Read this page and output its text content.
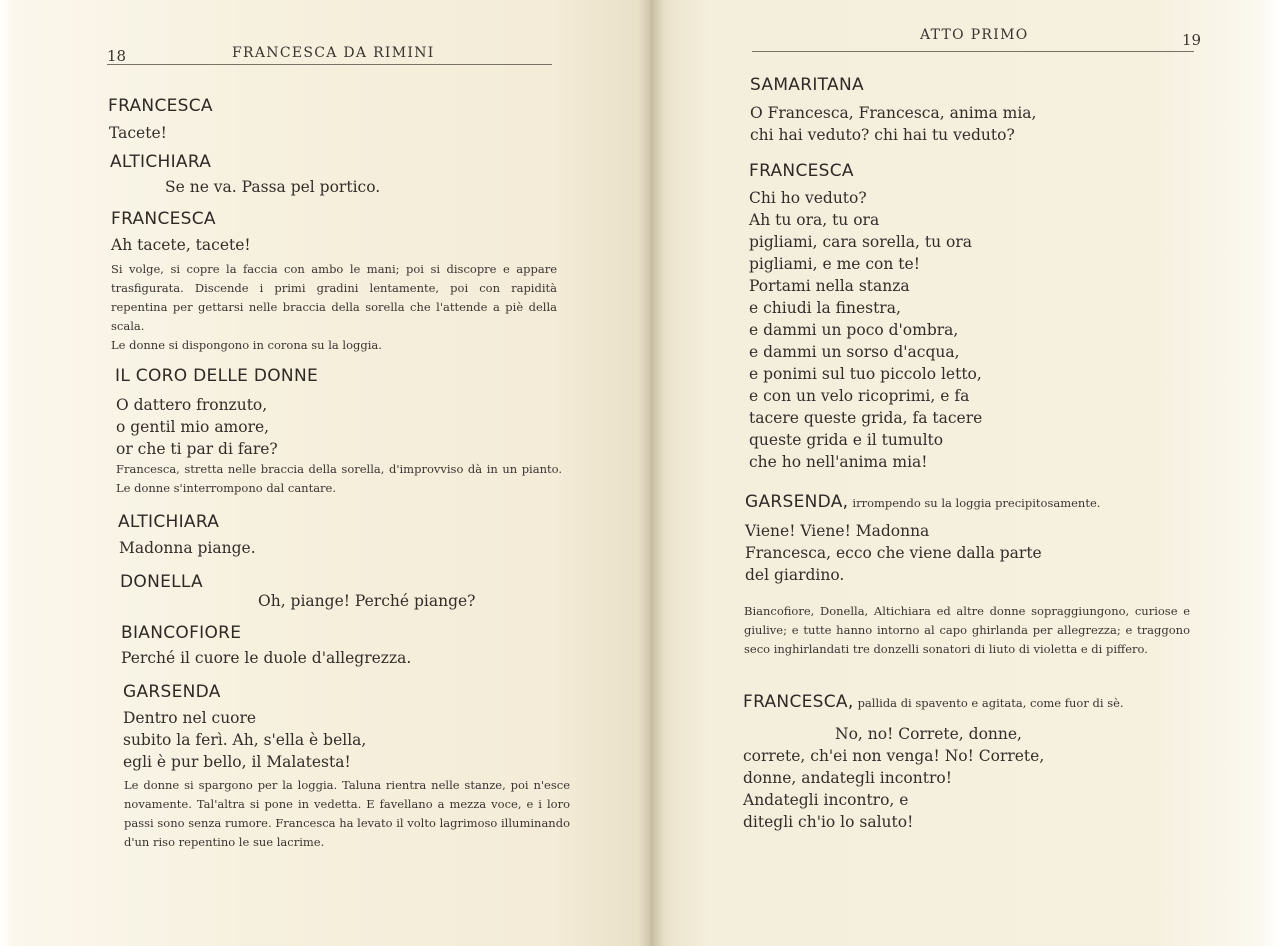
18	FRANCESCA DA RIMINI
FRANCESCA
Tacete!
ALTICHIARA
Se ne va. Passa pel portico.
FRANCESCA
Ah tacete, tacete!
Si volge, si copre la faccia con ambo le mani; poi si discopre e appare trasfigurata. Discende i primi gradini lentamente, poi con rapidità repentina per gettarsi nelle braccia della sorella che l'attende a piè della scala.
Le donne si dispongono in corona su la loggia.
IL CORO DELLE DONNE
O dattero fronzuto,
o gentil mio amore,
or che ti par di fare?
Francesca, stretta nelle braccia della sorella, d'improvviso dà in un pianto. Le donne s'interrompono dal cantare.
ALTICHIARA
Madonna piange.
DONELLA
Oh, piange! Perché piange?
BIANCOFIORE
Perché il cuore le duole d'allegrezza.
GARSENDA
Dentro nel cuore
subito la ferì. Ah, s'ella è bella,
egli è pur bello, il Malatesta!
Le donne si spargono per la loggia. Taluna rientra nelle stanze, poi n'esce novamente. Tal'altra si pone in vedetta. E favellano a mezza voce, e i loro passi sono senza rumore. Francesca ha levato il volto lagrimoso illuminando d'un riso repentino le sue lacrime.
ATTO PRIMO	19
SAMARITANA
O Francesca, Francesca, anima mia,
chi hai veduto? chi hai tu veduto?
FRANCESCA
Chi ho veduto?
Ah tu ora, tu ora
pigliami, cara sorella, tu ora
pigliami, e me con te!
Portami nella stanza
e chiudi la finestra,
e dammi un poco d'ombra,
e dammi un sorso d'acqua,
e ponimi sul tuo piccolo letto,
e con un velo ricoprimi, e fa
tacere queste grida, fa tacere
queste grida e il tumulto
che ho nell'anima mia!
GARSENDA, irrompendo su la loggia precipitosamente.
Viene! Viene! Madonna
Francesca, ecco che viene dalla parte
del giardino.
Biancofiore, Donella, Altichiara ed altre donne sopraggiungono, curiose e giulive; e tutte hanno intorno al capo ghirlanda per allegrezza; e traggono seco inghirlandati tre donzelli sonatori di liuto di violetta e di piffero.
FRANCESCA, pallida di spavento e agitata, come fuor di sè.
No, no! Correte, donne,
correte, ch'ei non venga! No! Correte,
donne, andategli incontro!
Andategli incontro, e
ditegli ch'io lo saluto!
